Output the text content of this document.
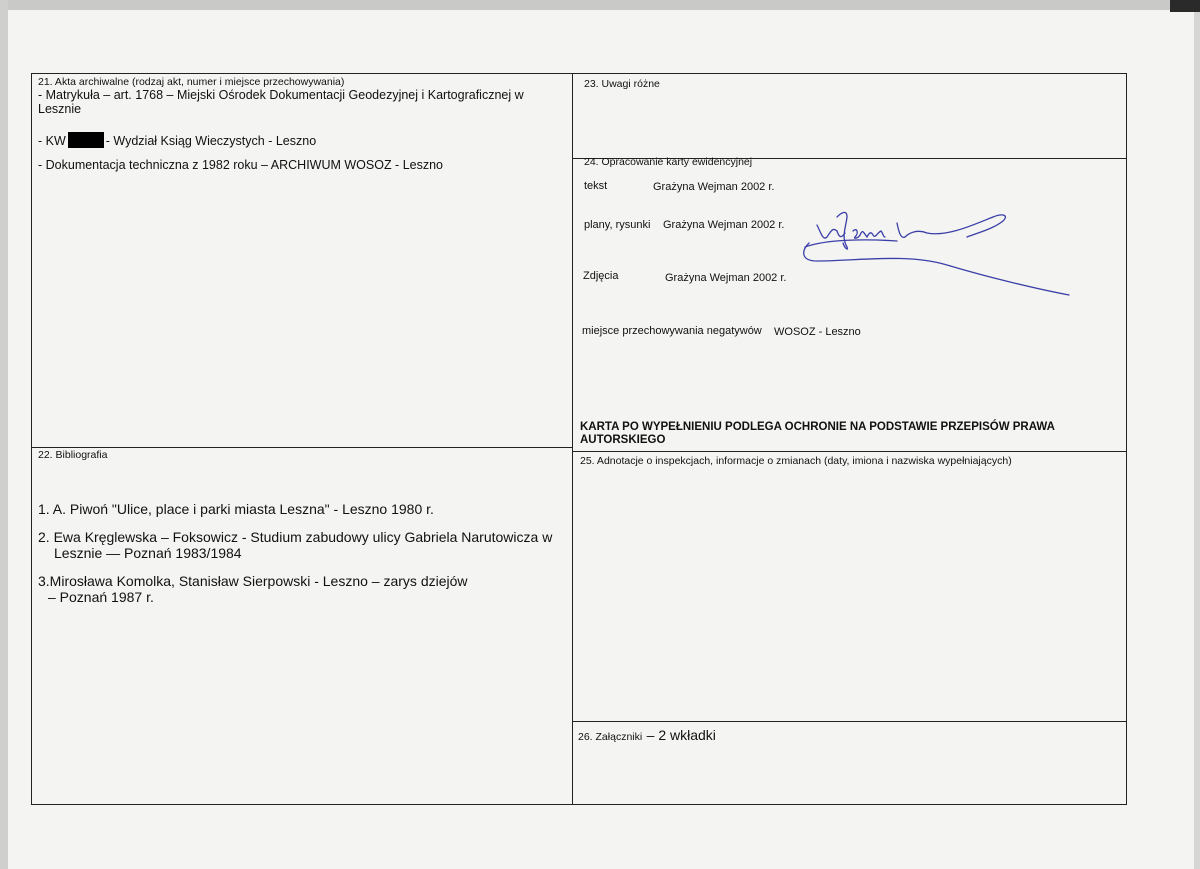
21. Akta archiwalne (rodzaj akt, numer i miejsce przechowywania)
- Matrykuła – art. 1768 – Miejski Ośrodek Dokumentacji Geodezyjnej i Kartograficznej w Lesznie
- KW	- Wydział Ksiąg Wieczystych - Leszno
- Dokumentacja techniczna z 1982 roku – ARCHIWUM WOSOZ - Leszno
22. Bibliografia
1. A. Piwoń "Ulice, place i parki miasta Leszna" - Leszno 1980 r.
2. Ewa Kręglewska – Foksowicz - Studium zabudowy ulicy Gabriela Narutowicza w Lesznie — Poznań 1983/1984
3.Mirosława Komolka, Stanisław Sierpowski - Leszno – zarys dziejów – Poznań 1987 r.
23. Uwagi różne
24. Opracowanie karty ewidencyjnej
tekst	Grażyna Wejman 2002 r.
plany, rysunki Grażyna Wejman 2002 r.
Zdjęcia	Grażyna Wejman 2002 r.
miejsce przechowywania negatywów WOSOZ - Leszno
KARTA PO WYPEŁNIENIU PODLEGA OCHRONIE NA PODSTAWIE PRZEPISÓW PRAWA AUTORSKIEGO
25. Adnotacje o inspekcjach, informacje o zmianach (daty, imiona i nazwiska wypełniających)
26. Załączniki – 2 wkładki
